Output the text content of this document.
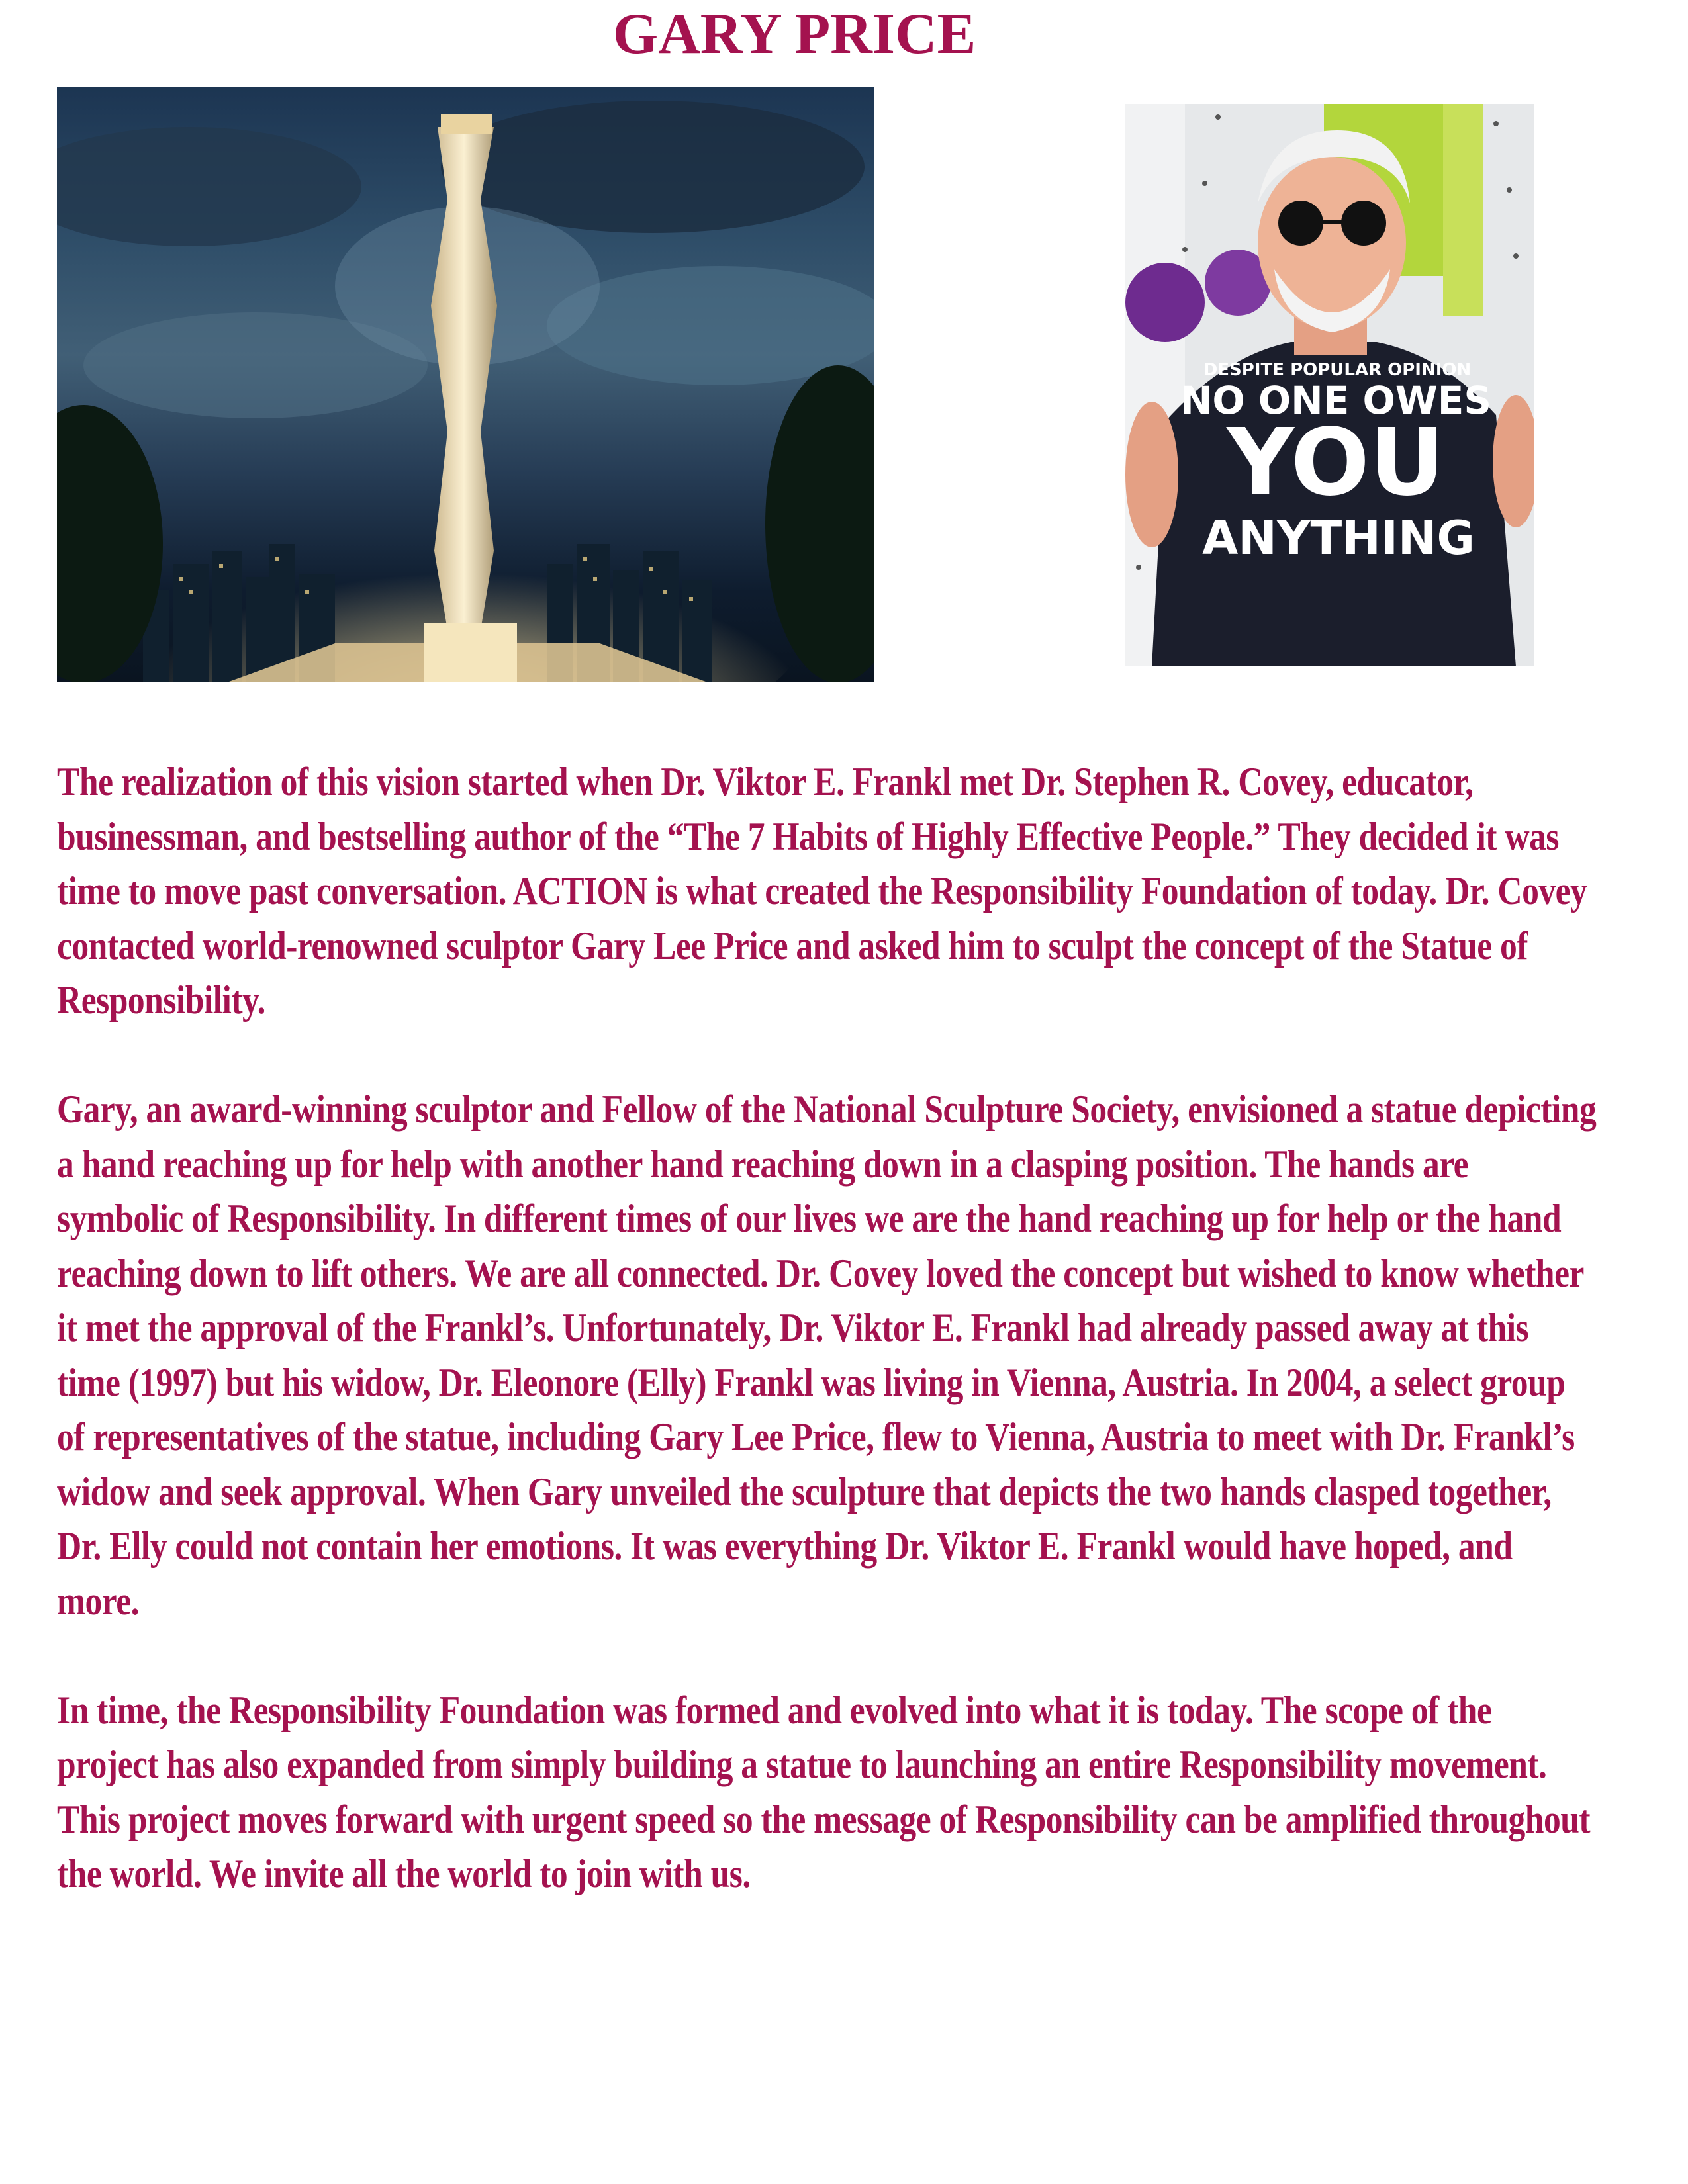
GARY PRICE
DESPITE POPULAR OPINION
NO ONE OWES
YOU
ANYTHING

The realization of this vision started when Dr. Viktor E. Frankl met Dr. Stephen R. Covey, educator, businessman, and bestselling author of the “The 7 Habits of Highly Effective People.” They decided it was time to move past conversation. ACTION is what created the Responsibility Foundation of today. Dr. Covey contacted world-renowned sculptor Gary Lee Price and asked him to sculpt the concept of the Statue of Responsibility.

Gary, an award-winning sculptor and Fellow of the National Sculpture Society, envisioned a statue depicting a hand reaching up for help with another hand reaching down in a clasping position. The hands are symbolic of Responsibility. In different times of our lives we are the hand reaching up for help or the hand reaching down to lift others. We are all connected. Dr. Covey loved the concept but wished to know whether it met the approval of the Frankl’s. Unfortunately, Dr. Viktor E. Frankl had already passed away at this time (1997) but his widow, Dr. Eleonore (Elly) Frankl was living in Vienna, Austria. In 2004, a select group of representatives of the statue, including Gary Lee Price, flew to Vienna, Austria to meet with Dr. Frankl’s widow and seek approval. When Gary unveiled the sculpture that depicts the two hands clasped together, Dr. Elly could not contain her emotions. It was everything Dr. Viktor E. Frankl would have hoped, and more.

In time, the Responsibility Foundation was formed and evolved into what it is today. The scope of the project has also expanded from simply building a statue to launching an entire Responsibility movement. This project moves forward with urgent speed so the message of Responsibility can be amplified throughout the world. We invite all the world to join with us.
